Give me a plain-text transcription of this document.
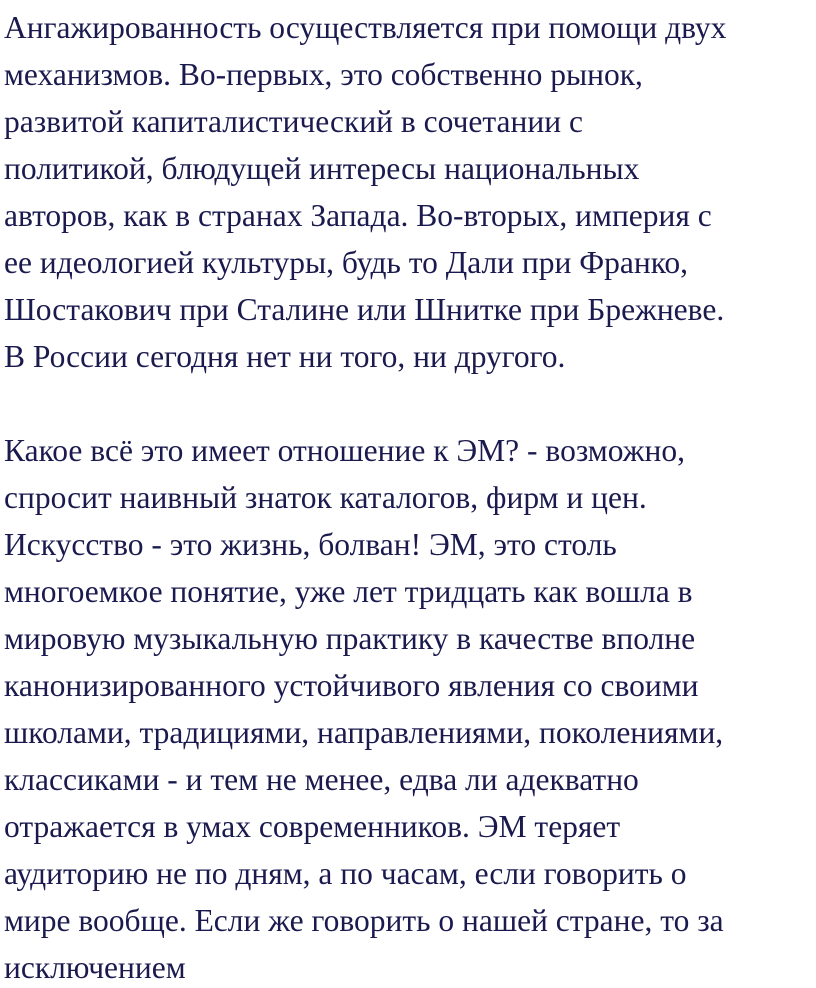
Ангажированность осуществляется при помощи двух
механизмов. Во-первых, это собственно рынок,
развитой капиталистический в сочетании с
политикой, блюдущей интересы национальных
авторов, как в странах Запада. Во-вторых, империя с
ее идеологией культуры, будь то Дали при Франко,
Шостакович при Сталине или Шнитке при Брежневе.
В России сегодня нет ни того, ни другого.
Какое всё это имеет отношение к ЭМ? - возможно,
спросит наивный знаток каталогов, фирм и цен.
Искусство - это жизнь, болван! ЭМ, это столь
многоемкое понятие, уже лет тридцать как вошла в
мировую музыкальную практику в качестве вполне
канонизированного устойчивого явления со своими
школами, традициями, направлениями, поколениями,
классиками - и тем не менее, едва ли адекватно
отражается в умах современников. ЭМ теряет
аудиторию не по дням, а по часам, если говорить о
мире вообще. Если же говорить о нашей стране, то за
исключением
